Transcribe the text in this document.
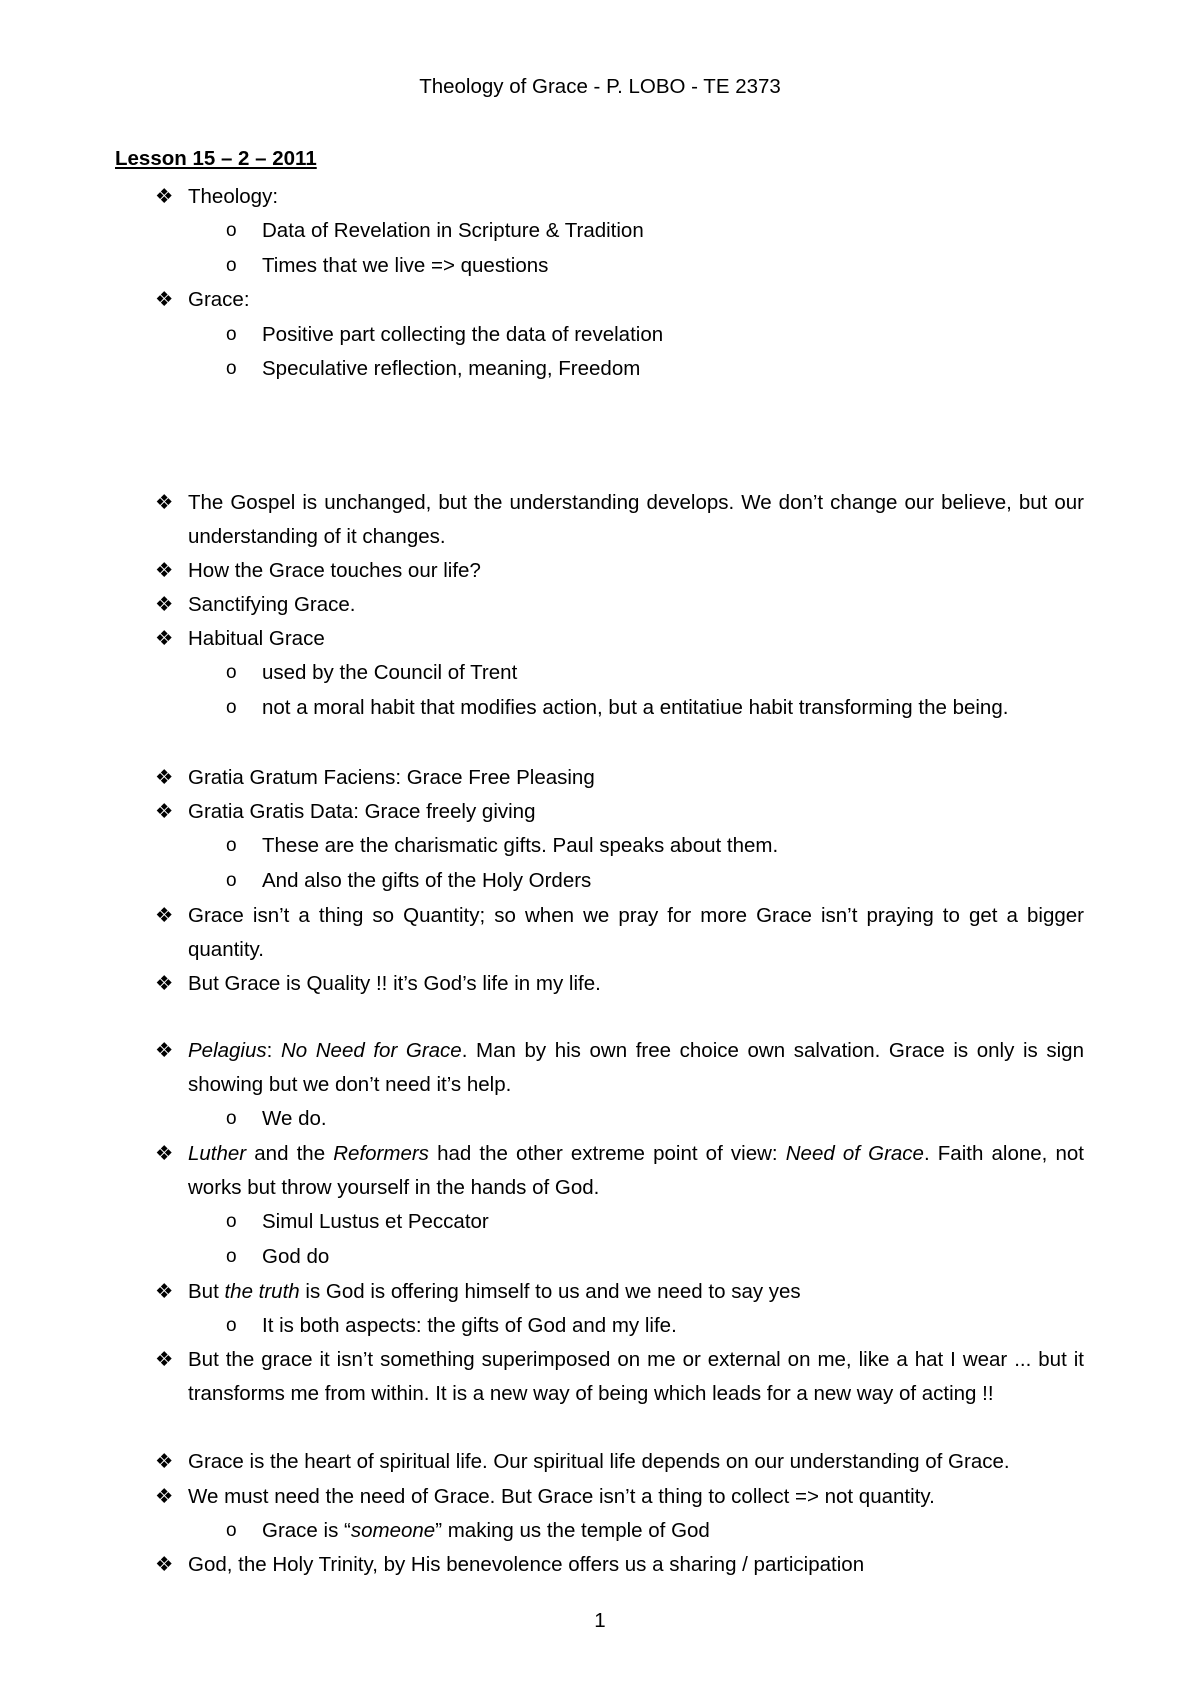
Theology of Grace - P. LOBO - TE 2373
Lesson 15 – 2 – 2011
❖ Theology:
o Data of Revelation in Scripture & Tradition
o Times that we live => questions
❖ Grace:
o Positive part collecting the data of revelation
o Speculative reflection, meaning, Freedom
❖ The Gospel is unchanged, but the understanding develops. We don’t change our believe, but our understanding of it changes.
❖ How the Grace touches our life?
❖ Sanctifying Grace.
❖ Habitual Grace
o used by the Council of Trent
o not a moral habit that modifies action, but a entitatiue habit transforming the being.
❖ Gratia Gratum Faciens: Grace Free Pleasing
❖ Gratia Gratis Data: Grace freely giving
o These are the charismatic gifts. Paul speaks about them.
o And also the gifts of the Holy Orders
❖ Grace isn’t a thing so Quantity; so when we pray for more Grace isn’t praying to get a bigger quantity.
❖ But Grace is Quality !! it’s God’s life in my life.
❖ Pelagius: No Need for Grace. Man by his own free choice own salvation. Grace is only is sign showing but we don’t need it’s help.
o We do.
❖ Luther and the Reformers had the other extreme point of view: Need of Grace. Faith alone, not works but throw yourself in the hands of God.
o Simul Lustus et Peccator
o God do
❖ But the truth is God is offering himself to us and we need to say yes
o It is both aspects: the gifts of God and my life.
❖ But the grace it isn’t something superimposed on me or external on me, like a hat I wear ... but it transforms me from within. It is a new way of being which leads for a new way of acting !!
❖ Grace is the heart of spiritual life. Our spiritual life depends on our understanding of Grace.
❖ We must need the need of Grace. But Grace isn’t a thing to collect => not quantity.
o Grace is “someone” making us the temple of God
❖ God, the Holy Trinity, by His benevolence offers us a sharing / participation
1
